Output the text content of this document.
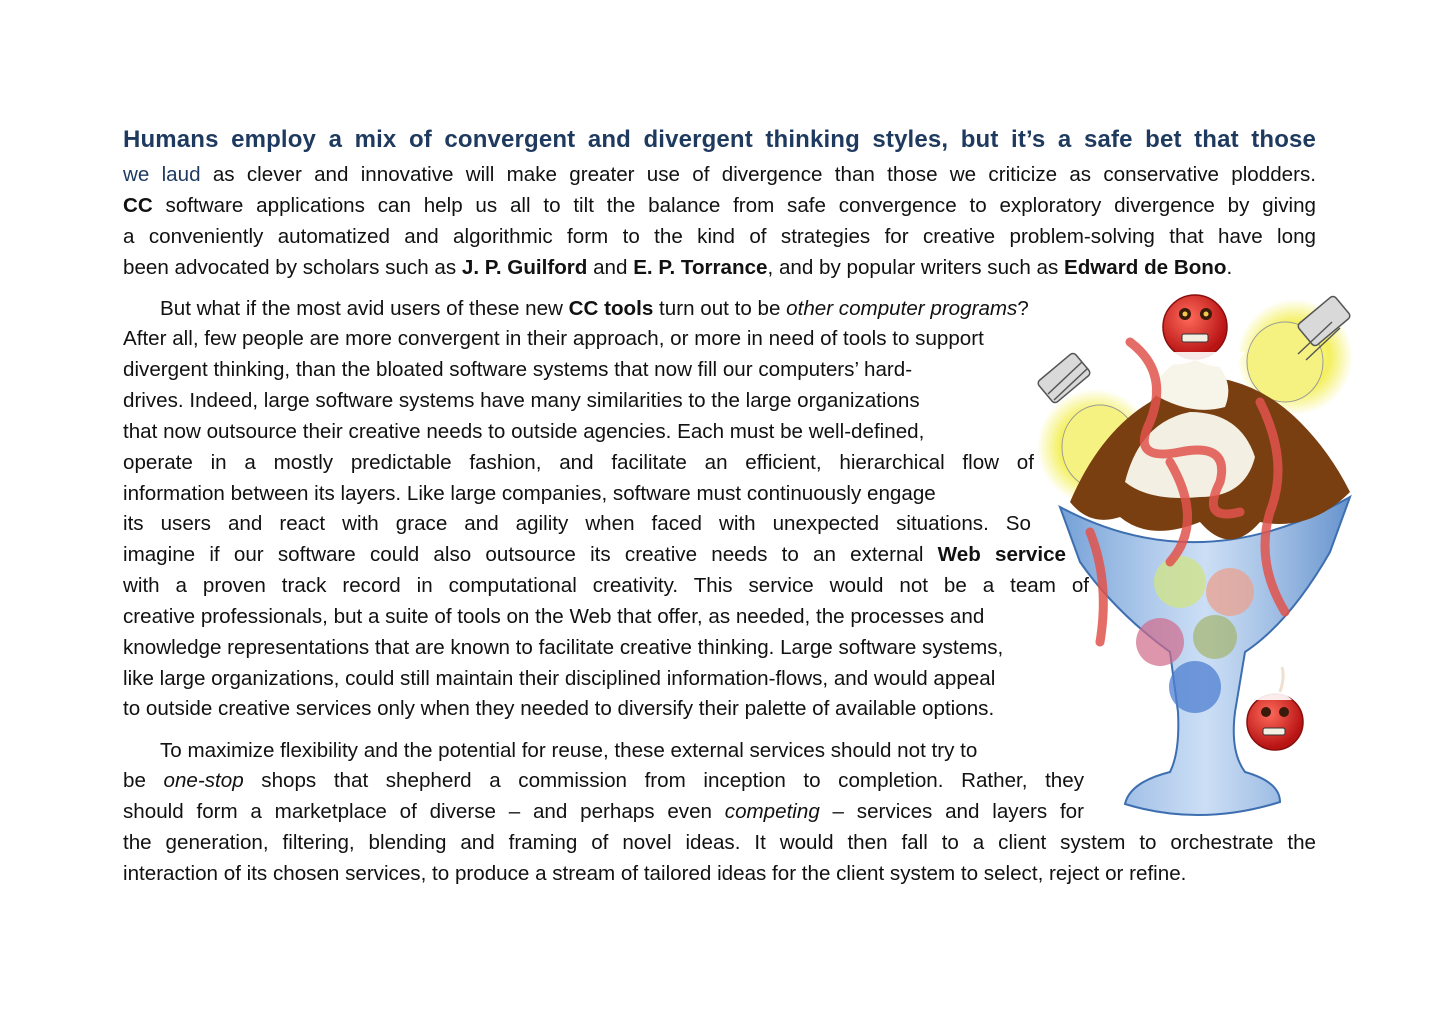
Humans employ a mix of convergent and divergent thinking styles, but it’s a safe bet that those
we laud as clever and innovative will make greater use of divergence than those we criticize as conservative plodders.
CC software applications can help us all to tilt the balance from safe convergence to exploratory divergence by giving
a conveniently automatized and algorithmic form to the kind of strategies for creative problem-solving that have long
been advocated by scholars such as J. P. Guilford and E. P. Torrance, and by popular writers such as Edward de Bono.
But what if the most avid users of these new CC tools turn out to be other computer programs?
After all, few people are more convergent in their approach, or more in need of tools to support
divergent thinking, than the bloated software systems that now fill our computers’ hard-
drives. Indeed, large software systems have many similarities to the large organizations
that now outsource their creative needs to outside agencies. Each must be well-defined,
operate in a mostly predictable fashion, and facilitate an efficient, hierarchical flow of
information between its layers. Like large companies, software must continuously engage
its users and react with grace and agility when faced with unexpected situations. So
imagine if our software could also outsource its creative needs to an external Web service
with a proven track record in computational creativity. This service would not be a team of
creative professionals, but a suite of tools on the Web that offer, as needed, the processes and
knowledge representations that are known to facilitate creative thinking. Large software systems,
like large organizations, could still maintain their disciplined information-flows, and would appeal
to outside creative services only when they needed to diversify their palette of available options.
To maximize flexibility and the potential for reuse, these external services should not try to
be one-stop shops that shepherd a commission from inception to completion. Rather, they
should form a marketplace of diverse – and perhaps even competing – services and layers for
the generation, filtering, blending and framing of novel ideas. It would then fall to a client system to orchestrate the
interaction of its chosen services, to produce a stream of tailored ideas for the client system to select, reject or refine.
